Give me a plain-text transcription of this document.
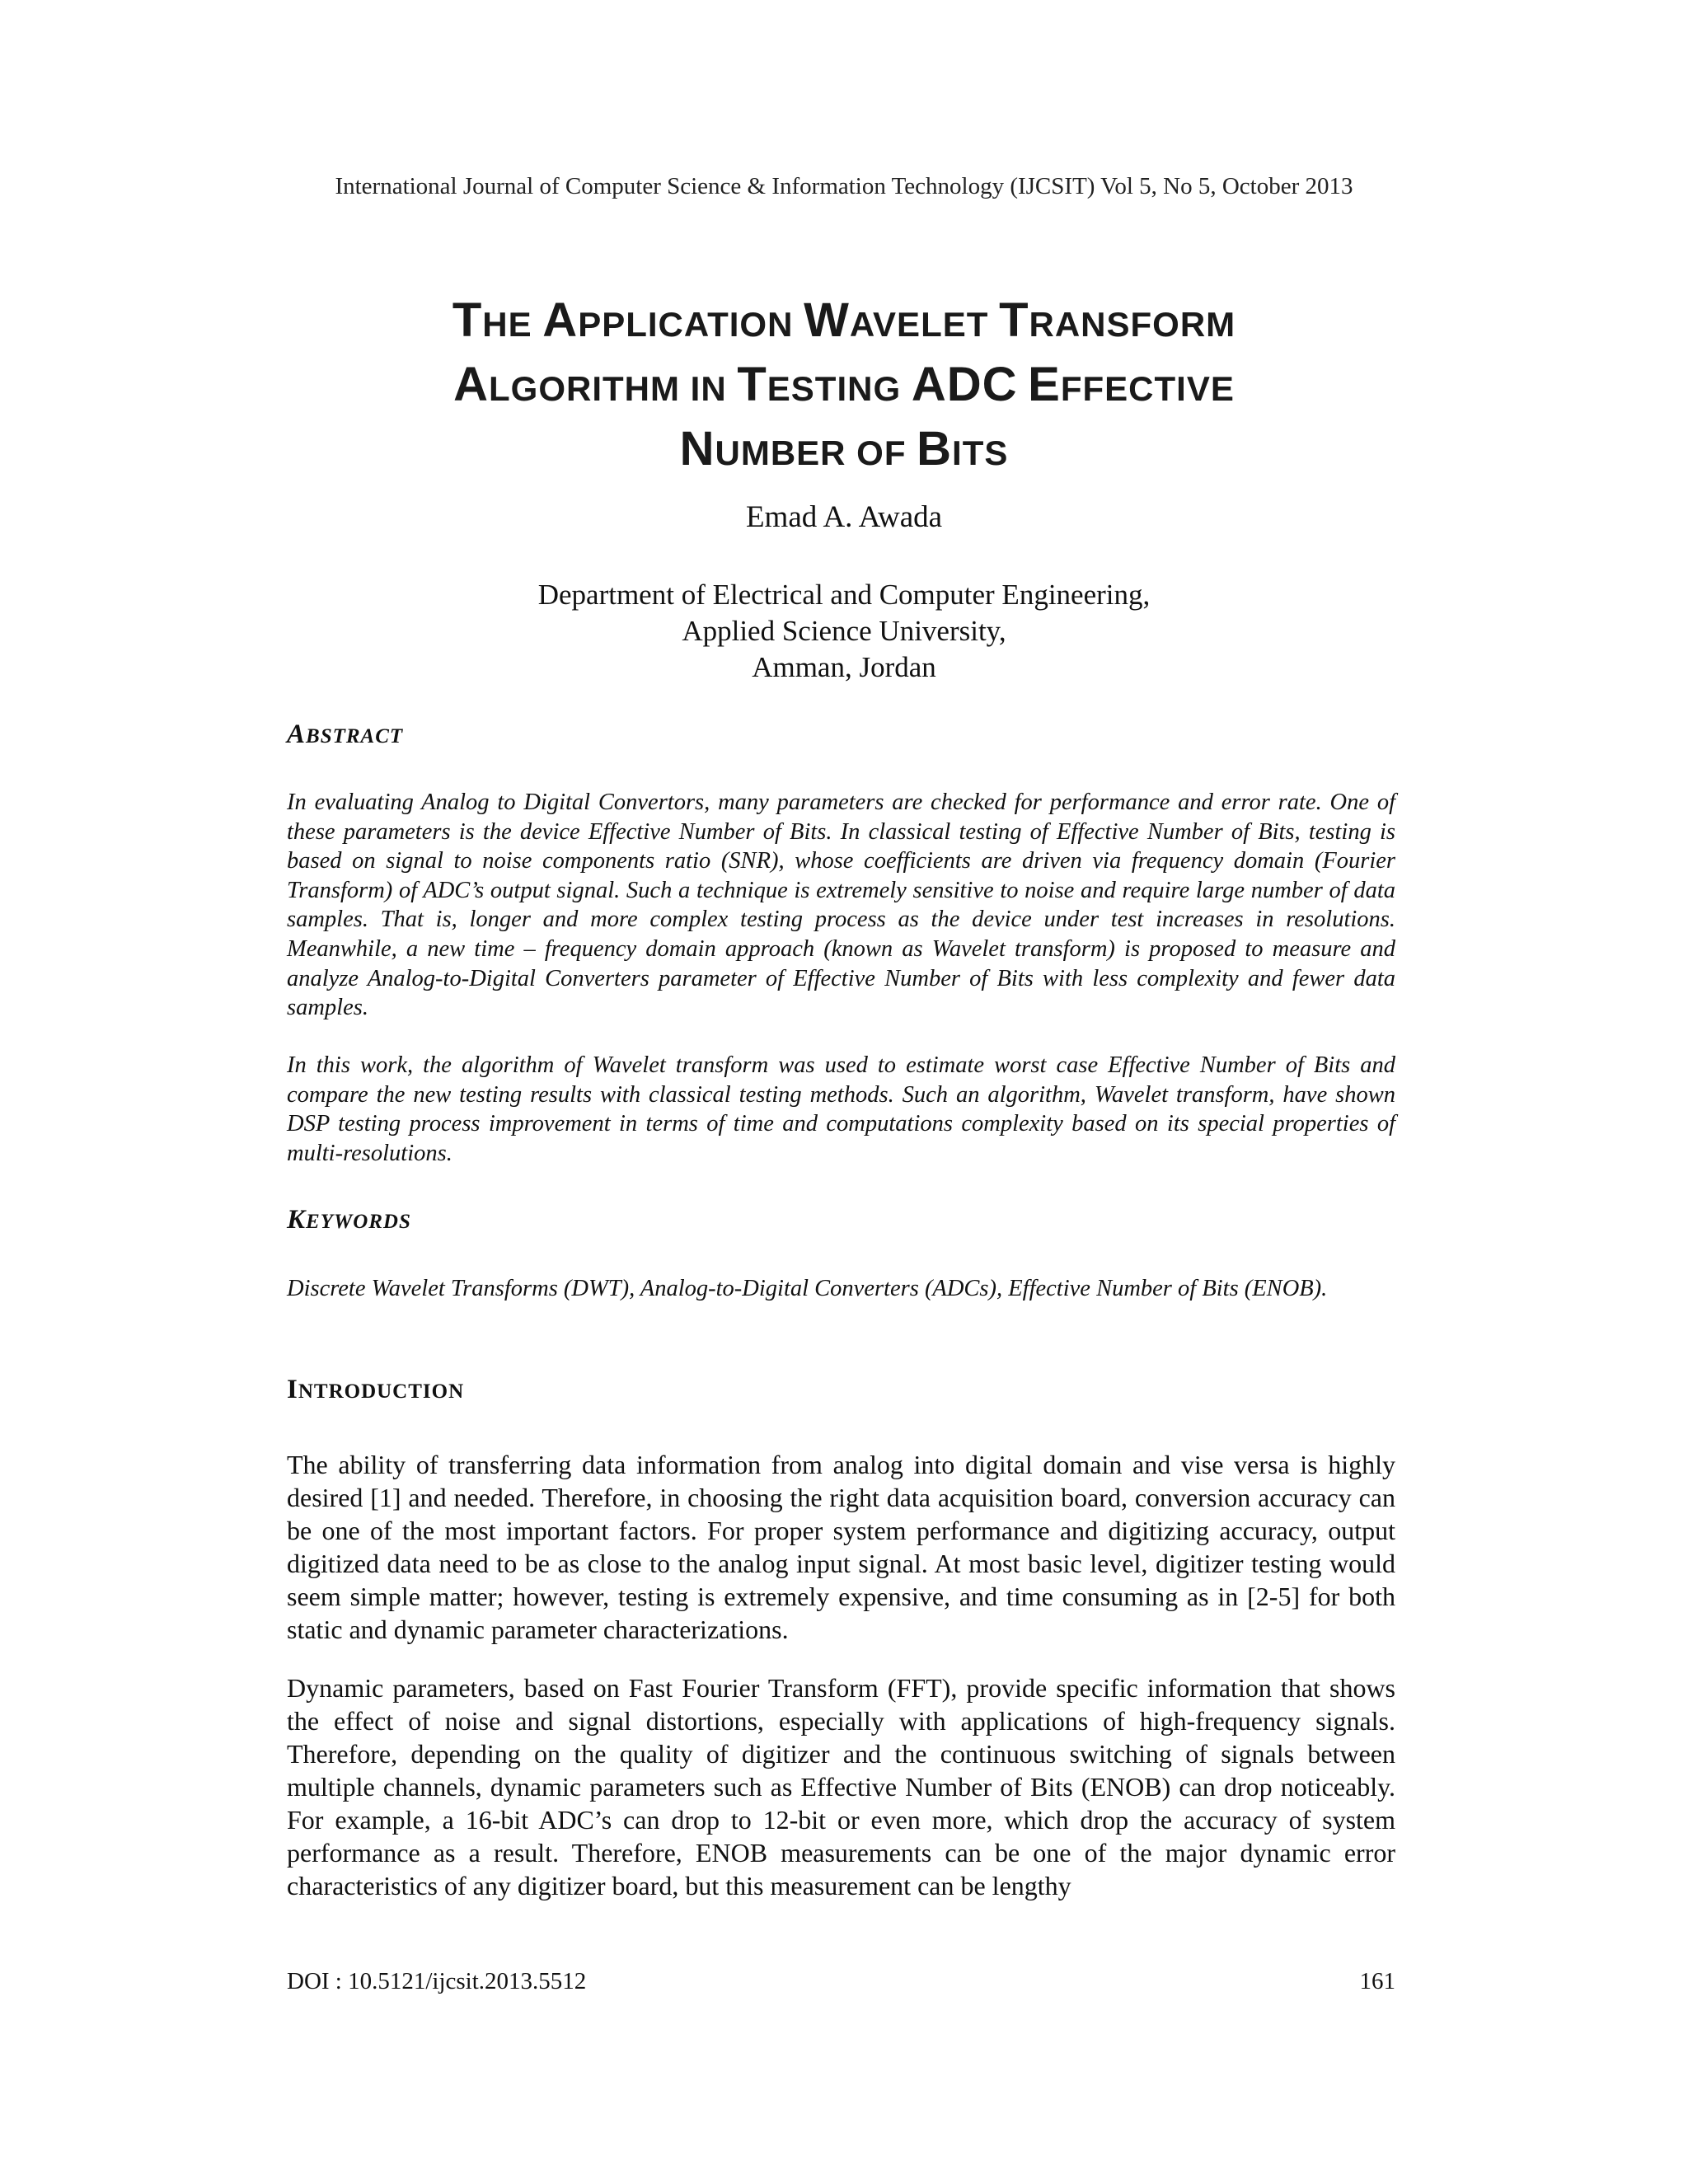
International Journal of Computer Science & Information Technology (IJCSIT) Vol 5, No 5, October 2013
THE APPLICATION WAVELET TRANSFORM
ALGORITHM IN TESTING ADC EFFECTIVE
NUMBER OF BITS
Emad A. Awada
Department of Electrical and Computer Engineering,
Applied Science University,
Amman, Jordan
ABSTRACT

In evaluating Analog to Digital Convertors, many parameters are checked for performance and error rate. One of these parameters is the device Effective Number of Bits. In classical testing of Effective Number of Bits, testing is based on signal to noise components ratio (SNR), whose coefficients are driven via frequency domain (Fourier Transform) of ADC’s output signal. Such a technique is extremely sensitive to noise and require large number of data samples. That is, longer and more complex testing process as the device under test increases in resolutions. Meanwhile, a new time – frequency domain approach (known as Wavelet transform) is proposed to measure and analyze Analog-to-Digital Converters parameter of Effective Number of Bits with less complexity and fewer data samples.

In this work, the algorithm of Wavelet transform was used to estimate worst case Effective Number of Bits and compare the new testing results with classical testing methods. Such an algorithm, Wavelet transform, have shown DSP testing process improvement in terms of time and computations complexity based on its special properties of multi-resolutions.

KEYWORDS

Discrete Wavelet Transforms (DWT), Analog-to-Digital Converters (ADCs), Effective Number of Bits (ENOB).

INTRODUCTION

The ability of transferring data information from analog into digital domain and vise versa is highly desired [1] and needed. Therefore, in choosing the right data acquisition board, conversion accuracy can be one of the most important factors. For proper system performance and digitizing accuracy, output digitized data need to be as close to the analog input signal. At most basic level, digitizer testing would seem simple matter; however, testing is extremely expensive, and time consuming as in [2-5] for both static and dynamic parameter characterizations.

Dynamic parameters, based on Fast Fourier Transform (FFT), provide specific information that shows the effect of noise and signal distortions, especially with applications of high-frequency signals. Therefore, depending on the quality of digitizer and the continuous switching of signals between multiple channels, dynamic parameters such as Effective Number of Bits (ENOB) can drop noticeably. For example, a 16-bit ADC’s can drop to 12-bit or even more, which drop the accuracy of system performance as a result. Therefore, ENOB measurements can be one of the major dynamic error characteristics of any digitizer board, but this measurement can be lengthy

DOI : 10.5121/ijcsit.2013.5512	161
